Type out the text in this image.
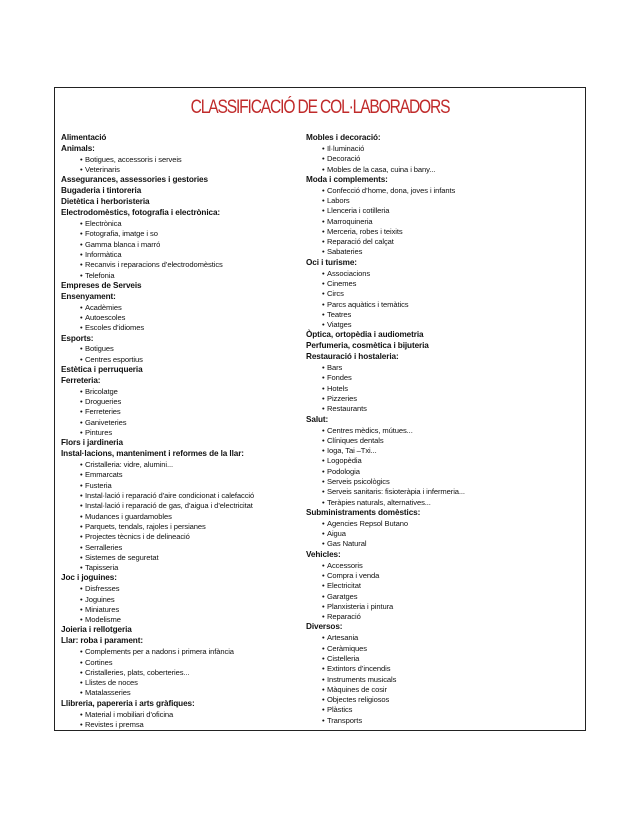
CLASSIFICACIÓ DE COL·LABORADORS
Alimentació
Animals:
• Botigues, accessoris i serveis
• Veterinaris
Assegurances, assessories i gestories
Bugaderia i tintoreria
Dietètica i herboristeria
Electrodomèstics, fotografia i electrònica:
• Electrònica
• Fotografia, imatge i so
• Gamma blanca i marró
• Informàtica
• Recanvis i reparacions d’electrodomèstics
• Telefonia
Empreses de Serveis
Ensenyament:
• Acadèmies
• Autoescoles
• Escoles d’idiomes
Esports:
• Botigues
• Centres esportius
Estètica i perruqueria
Ferreteria:
• Bricolatge
• Drogueries
• Ferreteries
• Ganiveteries
• Pintures
Flors i jardineria
Instal·lacions, manteniment i reformes de la llar:
• Cristalleria: vidre, alumini...
• Emmarcats
• Fusteria
• Instal·lació i reparació d’aire condicionat i calefacció
• Instal·lació i reparació de gas, d’aigua i d’electricitat
• Mudances i guardamobles
• Parquets, tendals, rajoles i persianes
• Projectes tècnics i de delineació
• Serralleries
• Sistemes de seguretat
• Tapisseria
Joc i joguines:
• Disfresses
• Joguines
• Miniatures
• Modelisme
Joieria i rellotgeria
Llar: roba i parament:
• Complements per a nadons i primera infància
• Cortines
• Cristalleries, plats, coberteries...
• Llistes de noces
• Matalasseries
Llibreria, papereria i arts gràfiques:
• Material i mobiliari d’oficina
• Revistes i premsa
Mobles i decoració:
• Il·luminació
• Decoració
• Mobles de la casa, cuina i bany...
Moda i complements:
• Confecció d’home, dona, joves i infants
• Labors
• Llenceria i cotilleria
• Marroquineria
• Merceria, robes i teixits
• Reparació del calçat
• Sabateries
Oci i turisme:
• Associacions
• Cinemes
• Circs
• Parcs aquàtics i temàtics
• Teatres
• Viatges
Òptica, ortopèdia i audiometria
Perfumeria, cosmètica i bijuteria
Restauració i hostaleria:
• Bars
• Fondes
• Hotels
• Pizzeries
• Restaurants
Salut:
• Centres mèdics, mútues...
• Clíniques dentals
• Ioga, Tai –Txi...
• Logopèdia
• Podologia
• Serveis psicològics
• Serveis sanitaris: fisioteràpia i infermeria...
• Teràpies naturals, alternatives...
Subministraments domèstics:
• Agencies Repsol Butano
• Aigua
• Gas Natural
Vehicles:
• Accessoris
• Compra i venda
• Electricitat
• Garatges
• Planxisteria i pintura
• Reparació
Diversos:
• Artesania
• Ceràmiques
• Cistelleria
• Extintors d’incendis
• Instruments musicals
• Màquines de cosir
• Objectes religiosos
• Plàstics
• Transports
